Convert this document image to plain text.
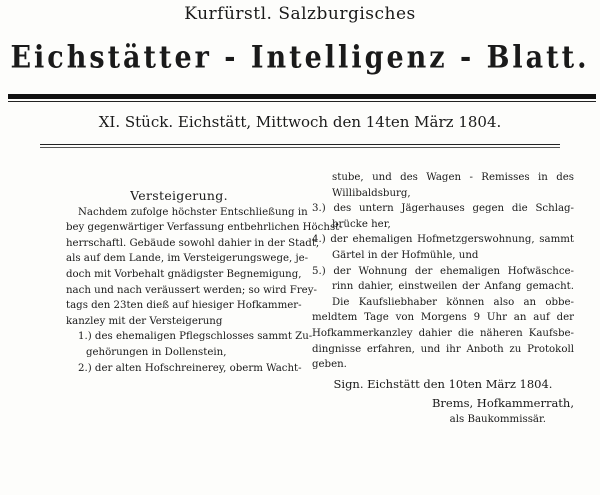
Kurfürstl. Salzburgisches
Eichstätter - Intelligenz - Blatt.
XI. Stück. Eichstätt, Mittwoch den 14ten März 1804.
Versteigerung.
Nachdem zufolge höchster Entschließung in
bey gegenwärtiger Verfassung entbehrlichen Höchst-
herrschaftl. Gebäude sowohl dahier in der Stadt,
als auf dem Lande, im Versteigerungswege, je-
doch mit Vorbehalt gnädigster Begnemigung,
nach und nach veräussert werden; so wird Frey-
tags den 23ten dieß auf hiesiger Hofkammer-
kanzley mit der Versteigerung
1.) des ehemaligen Pflegschlosses sammt Zu-
gehörungen in Dollenstein,
2.) der alten Hofschreinerey, oberm Wacht-
stube, und des Wagen - Remisses in des
Willibaldsburg,
3.) des untern Jägerhauses gegen die Schlag-
brücke her,
4.) der ehemaligen Hofmetzgerswohnung, sammt
Gärtel in der Hofmühle, und
5.) der Wohnung der ehemaligen Hofwäschce-
rinn dahier, einstweilen der Anfang gemacht.
Die Kaufsliebhaber können also an obbe-
meldtem Tage von Morgens 9 Uhr an auf der
Hofkammerkanzley dahier die näheren Kaufsbe-
dingnisse erfahren, und ihr Anboth zu Protokoll
geben.
Sign. Eichstätt den 10ten März 1804.
Brems, Hofkammerrath,
als Baukommissär.
